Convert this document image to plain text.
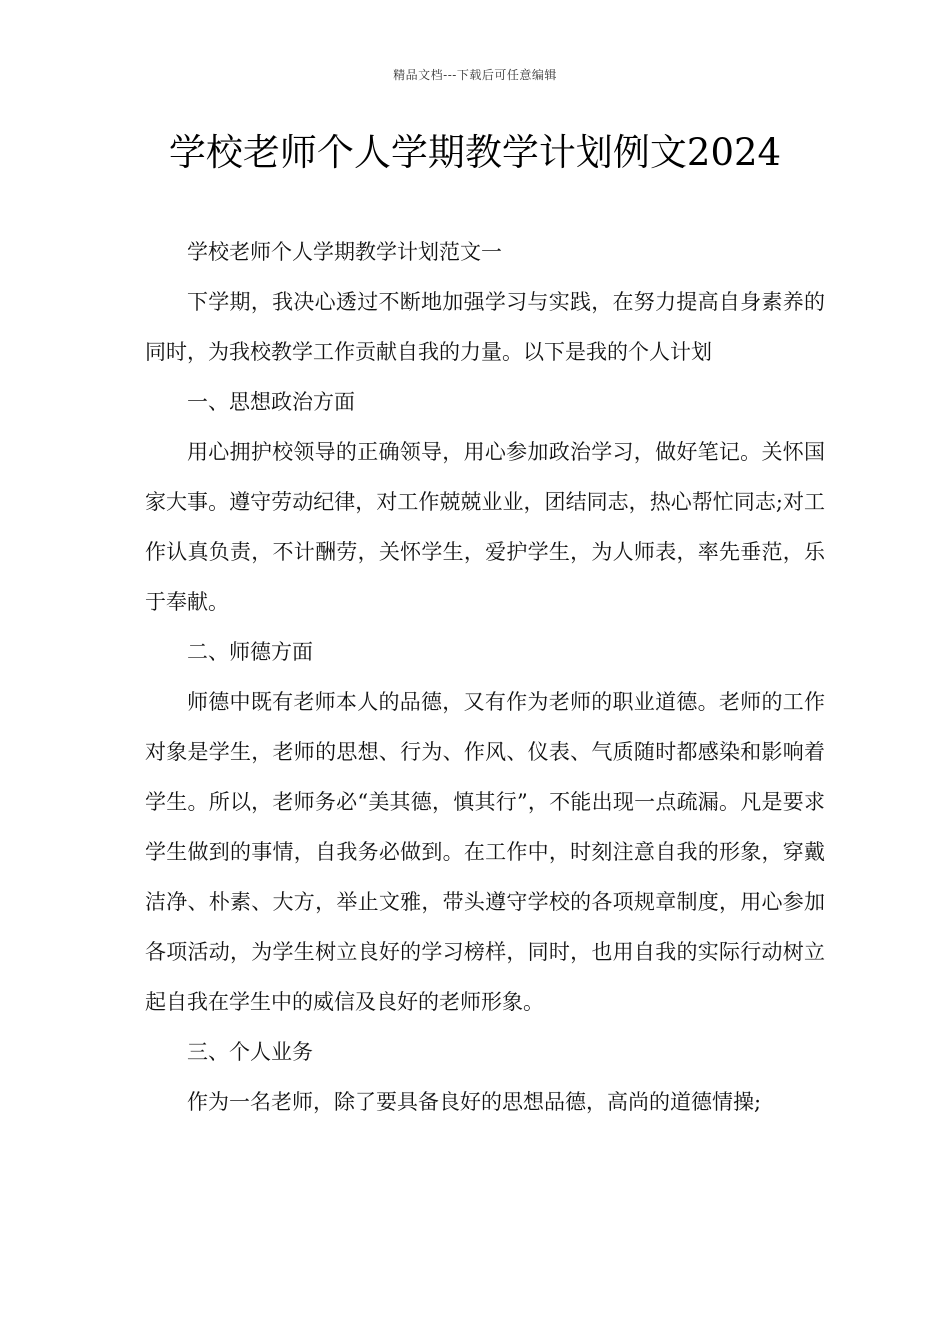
精品文档---下载后可任意编辑
学校老师个人学期教学计划例文2024

学校老师个人学期教学计划范文一

下学期，我决心透过不断地加强学习与实践，在努力提高自身素养的同时，为我校教学工作贡献自我的力量。以下是我的个人计划

一、思想政治方面

用心拥护校领导的正确领导，用心参加政治学习，做好笔记。关怀国家大事。遵守劳动纪律，对工作兢兢业业，团结同志，热心帮忙同志;对工作认真负责，不计酬劳，关怀学生，爱护学生，为人师表，率先垂范，乐于奉献。

二、师德方面

师德中既有老师本人的品德，又有作为老师的职业道德。老师的工作对象是学生，老师的思想、行为、作风、仪表、气质随时都感染和影响着学生。所以，老师务必“美其德，慎其行”，不能出现一点疏漏。凡是要求学生做到的事情，自我务必做到。在工作中，时刻注意自我的形象，穿戴洁净、朴素、大方，举止文雅，带头遵守学校的各项规章制度，用心参加各项活动，为学生树立良好的学习榜样，同时，也用自我的实际行动树立起自我在学生中的威信及良好的老师形象。

三、个人业务

作为一名老师，除了要具备良好的思想品德，高尚的道德情操;
